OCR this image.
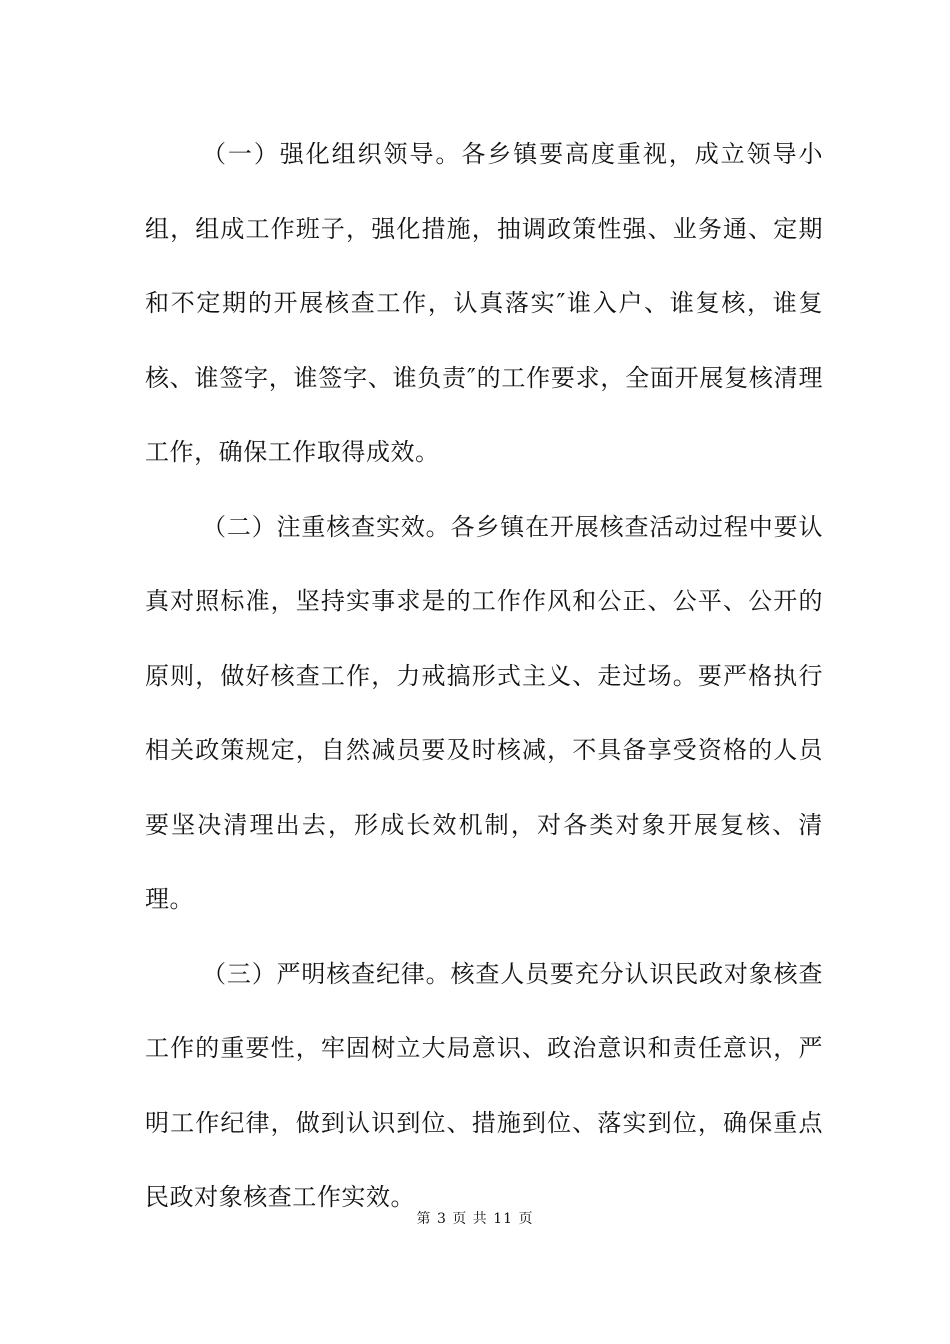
（一）强化组织领导。各乡镇要高度重视，成立领导小组，组成工作班子，强化措施，抽调政策性强、业务通、定期和不定期的开展核查工作，认真落实″谁入户、谁复核，谁复核、谁签字，谁签字、谁负责″的工作要求，全面开展复核清理工作，确保工作取得成效。

（二）注重核查实效。各乡镇在开展核查活动过程中要认真对照标准，坚持实事求是的工作作风和公正、公平、公开的原则，做好核查工作，力戒搞形式主义、走过场。要严格执行相关政策规定，自然减员要及时核减，不具备享受资格的人员要坚决清理出去，形成长效机制，对各类对象开展复核、清理。

（三）严明核查纪律。核查人员要充分认识民政对象核查工作的重要性，牢固树立大局意识、政治意识和责任意识，严明工作纪律，做到认识到位、措施到位、落实到位，确保重点民政对象核查工作实效。

第 3 页 共 11 页
